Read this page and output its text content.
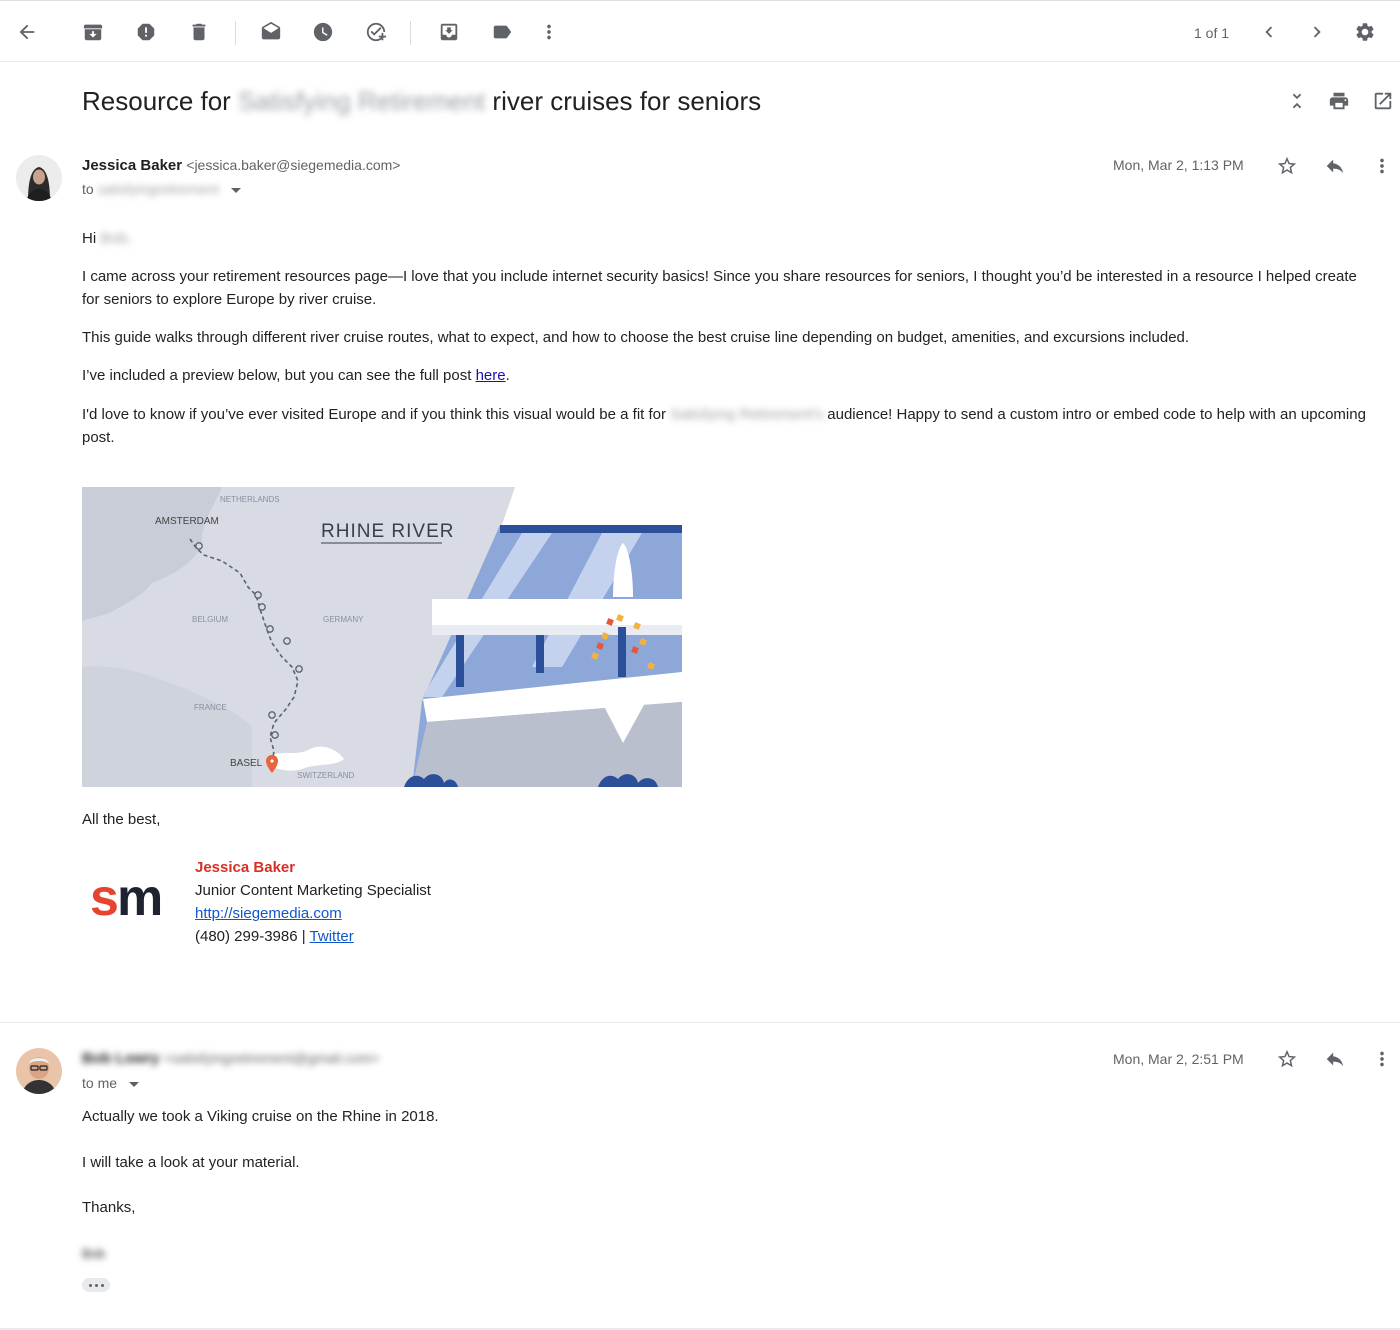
1 of 1
Resource for Satisfying Retirement river cruises for seniors
Jessica Baker <jessica.baker@siegemedia.com>
to satisfyingretirement
Mon, Mar 2, 1:13 PM
Hi Bob,
I came across your retirement resources page—I love that you include internet security basics! Since you share resources for seniors, I thought you’d be interested in a resource I helped create for seniors to explore Europe by river cruise.
This guide walks through different river cruise routes, what to expect, and how to choose the best cruise line depending on budget, amenities, and excursions included.
I’ve included a preview below, but you can see the full post here.
I'd love to know if you’ve ever visited Europe and if you think this visual would be a fit for Satisfying Retirement's audience! Happy to send a custom intro or embed code to help with an upcoming post.
AMSTERDAM
BASEL
NETHERLANDS
BELGIUM	GERMANY
FRANCE
SWITZERLAND
RHINE RIVER
All the best,
s
m
Jessica Baker
Junior Content Marketing Specialist
http://siegemedia.com
(480) 299-3986 | Twitter
Bob Lowry <satisfyingretirement@gmail.com>
to me
Mon, Mar 2, 2:51 PM
Actually we took a Viking cruise on the Rhine in 2018.
I will take a look at your material.
Thanks,
Bob
